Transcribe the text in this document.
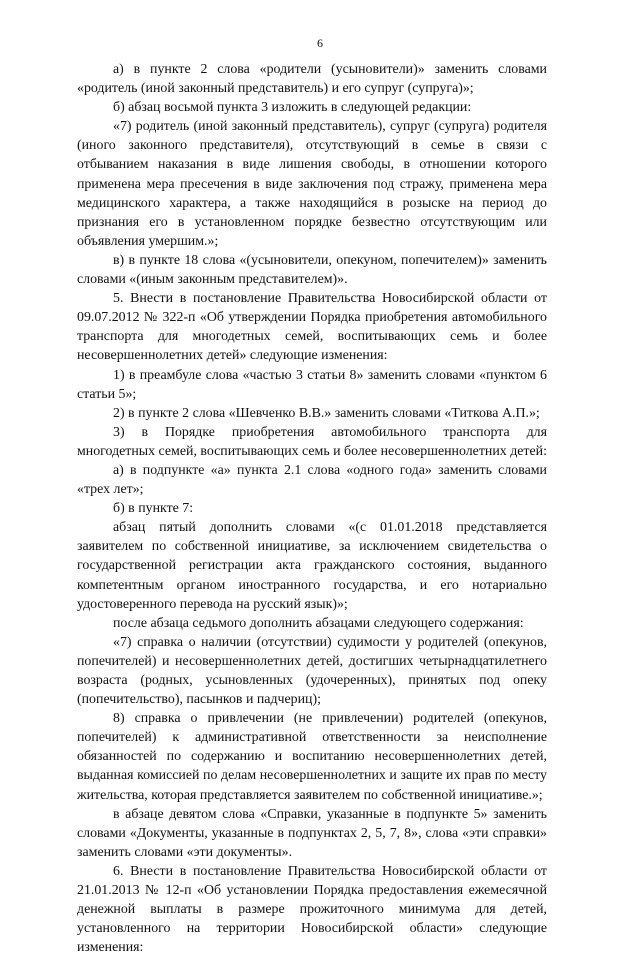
6

а) в пункте 2 слова «родители (усыновители)» заменить словами «родитель (иной законный представитель) и его супруг (супруга)»;

б) абзац восьмой пункта 3 изложить в следующей редакции:

«7) родитель (иной законный представитель), супруг (супруга) родителя (иного законного представителя), отсутствующий в семье в связи с отбыванием наказания в виде лишения свободы, в отношении которого применена мера пресечения в виде заключения под стражу, применена мера медицинского характера, а также находящийся в розыске на период до признания его в установленном порядке безвестно отсутствующим или объявления умершим.»;

в) в пункте 18 слова «(усыновители, опекуном, попечителем)» заменить словами «(иным законным представителем)».

5. Внести в постановление Правительства Новосибирской области от 09.07.2012 № 322-п «Об утверждении Порядка приобретения автомобильного транспорта для многодетных семей, воспитывающих семь и более несовершеннолетних детей» следующие изменения:

1) в преамбуле слова «частью 3 статьи 8» заменить словами «пунктом 6 статьи 5»;

2) в пункте 2 слова «Шевченко В.В.» заменить словами «Титкова А.П.»;

3) в Порядке приобретения автомобильного транспорта для многодетных семей, воспитывающих семь и более несовершеннолетних детей:

а) в подпункте «а» пункта 2.1 слова «одного года» заменить словами «трех лет»;

б) в пункте 7:

абзац пятый дополнить словами «(с 01.01.2018 представляется заявителем по собственной инициативе, за исключением свидетельства о государственной регистрации акта гражданского состояния, выданного компетентным органом иностранного государства, и его нотариально удостоверенного перевода на русский язык)»;

после абзаца седьмого дополнить абзацами следующего содержания:

«7) справка о наличии (отсутствии) судимости у родителей (опекунов, попечителей) и несовершеннолетних детей, достигших четырнадцатилетнего возраста (родных, усыновленных (удочеренных), принятых под опеку (попечительство), пасынков и падчериц);

8) справка о привлечении (не привлечении) родителей (опекунов, попечителей) к административной ответственности за неисполнение обязанностей по содержанию и воспитанию несовершеннолетних детей, выданная комиссией по делам несовершеннолетних и защите их прав по месту жительства, которая представляется заявителем по собственной инициативе.»;

в абзаце девятом слова «Справки, указанные в подпункте 5» заменить словами «Документы, указанные в подпунктах 2, 5, 7, 8», слова «эти справки» заменить словами «эти документы».

6. Внести в постановление Правительства Новосибирской области от 21.01.2013 № 12-п «Об установлении Порядка предоставления ежемесячной денежной выплаты в размере прожиточного минимума для детей, установленного на территории Новосибирской области» следующие изменения:
